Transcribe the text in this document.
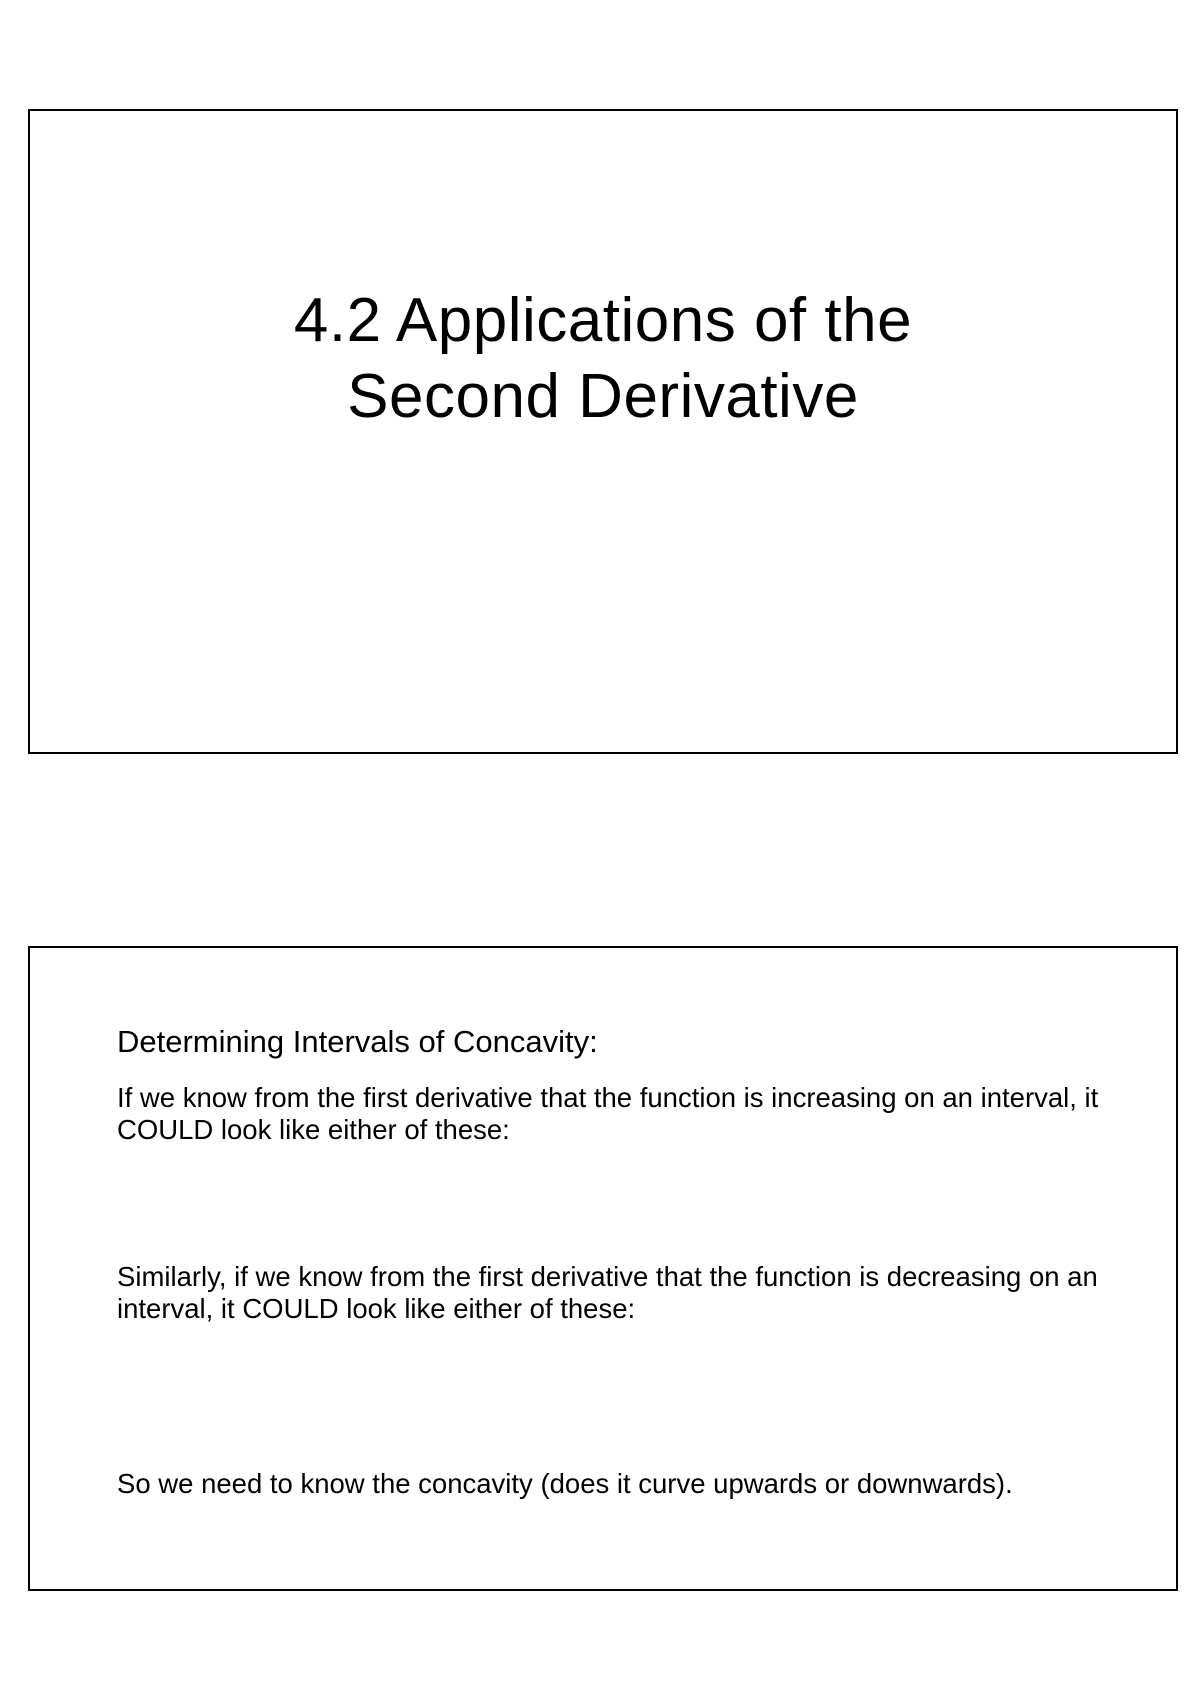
4.2 Applications of the
Second Derivative
Determining Intervals of Concavity:

If we know from the first derivative that the function is increasing on an interval, it COULD look like either of these:

Similarly, if we know from the first derivative that the function is decreasing on an interval, it COULD look like either of these:

So we need to know the concavity (does it curve upwards or downwards).
